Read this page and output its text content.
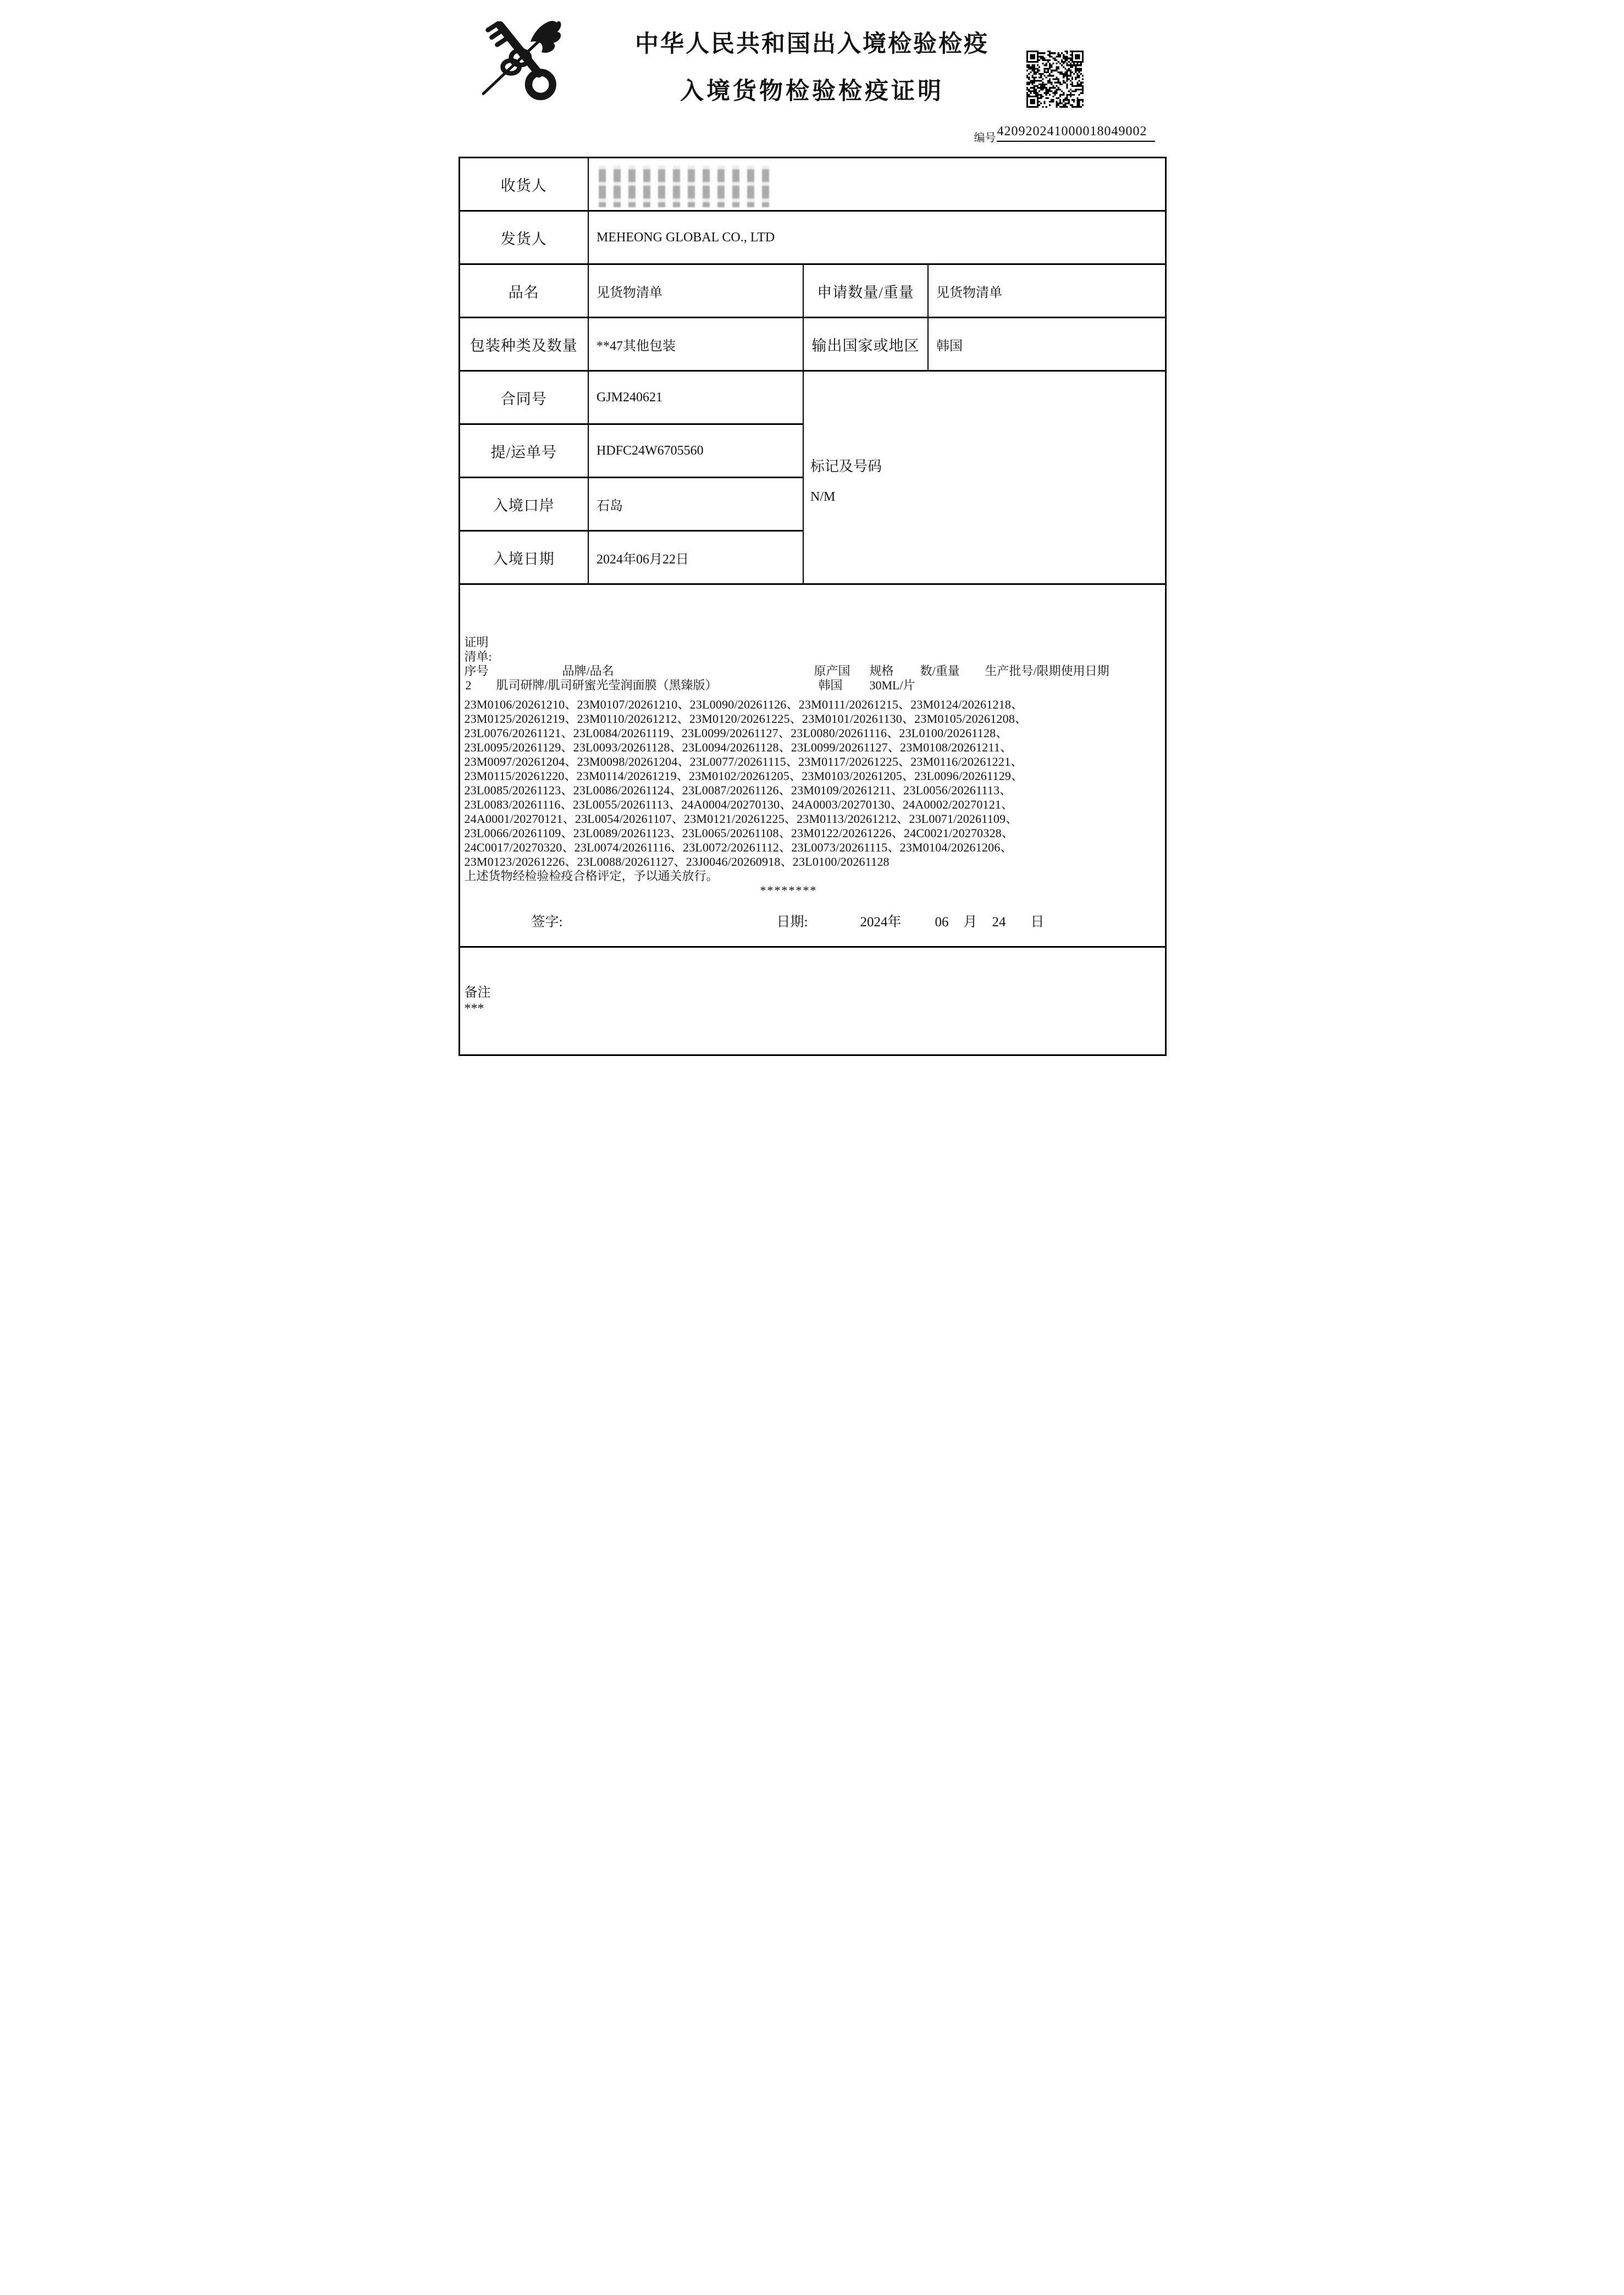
中华人民共和国出入境检验检疫
入境货物检验检疫证明
编号 420920241000018049002
收货人			

发货人	MEHEONG GLOBAL CO., LTD		
品名	见货物清单	申请数量/重量	见货物清单
包装种类及数量	**47其他包装	输出国家或地区	韩国
合同号	GJM240621	标记及号码
N/M	

提/运单号	HDFC24W6705560		
入境口岸	石岛		
入境日期	2024年06月22日		

证明
清单:
序号	品牌/品名	原产国 规格 数/重量 生产批号/限期使用日期
2 肌司研牌/肌司研蜜光莹润面膜（黑臻版）	韩国 30ML/片
23M0106/20261210、23M0107/20261210、23L0090/20261126、23M0111/20261215、23M0124/20261218、
23M0125/20261219、23M0110/20261212、23M0120/20261225、23M0101/20261130、23M0105/20261208、
23L0076/20261121、23L0084/20261119、23L0099/20261127、23L0080/20261116、23L0100/20261128、
23L0095/20261129、23L0093/20261128、23L0094/20261128、23L0099/20261127、23M0108/20261211、
23M0097/20261204、23M0098/20261204、23L0077/20261115、23M0117/20261225、23M0116/20261221、
23M0115/20261220、23M0114/20261219、23M0102/20261205、23M0103/20261205、23L0096/20261129、
23L0085/20261123、23L0086/20261124、23L0087/20261126、23M0109/20261211、23L0056/20261113、
23L0083/20261116、23L0055/20261113、24A0004/20270130、24A0003/20270130、24A0002/20270121、
24A0001/20270121、23L0054/20261107、23M0121/20261225、23M0113/20261212、23L0071/20261109、
23L0066/20261109、23L0089/20261123、23L0065/20261108、23M0122/20261226、24C0021/20270328、
24C0017/20270320、23L0074/20261116、23L0072/20261112、23L0073/20261115、23M0104/20261206、
23M0123/20261226、23L0088/20261127、23J0046/20260918、23L0100/20261128
上述货物经检验检疫合格评定，予以通关放行。
********
签字:	日期:	2024年 06 月 24 日

备注
***			
